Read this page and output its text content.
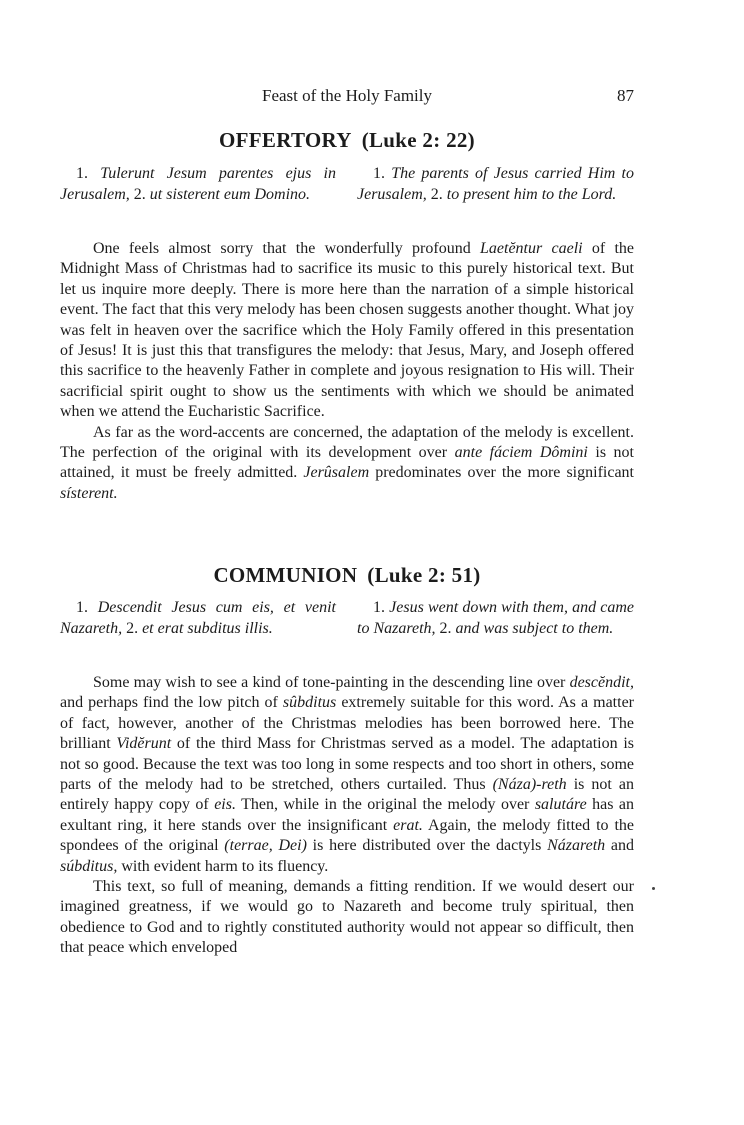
Feast of the Holy Family	87
OFFERTORY (Luke 2: 22)
 1. Tulerunt Jesum parentes ejus in Jerusalem, 2. ut sisterent eum Domino.
 1. The parents of Jesus carried Him to Jerusalem, 2. to present him to the Lord.

One feels almost sorry that the wonderfully profound Laetĕntur caeli of the Midnight Mass of Christmas had to sacrifice its music to this purely historical text. But let us inquire more deeply. There is more here than the narration of a simple historical event. The fact that this very melody has been chosen suggests another thought. What joy was felt in heaven over the sacrifice which the Holy Family offered in this presentation of Jesus! It is just this that transfigures the melody: that Jesus, Mary, and Joseph offered this sacrifice to the heavenly Father in complete and joyous resignation to His will. Their sacrificial spirit ought to show us the sentiments with which we should be animated when we attend the Eucharistic Sacrifice.

As far as the word-accents are concerned, the adaptation of the melody is excellent. The perfection of the original with its development over ante fáciem Dômini is not attained, it must be freely admitted. Jerûsalem predominates over the more significant sísterent.

COMMUNION (Luke 2: 51)
 1. Descendit Jesus cum eis, et venit Nazareth, 2. et erat subditus illis.
 1. Jesus went down with them, and came to Nazareth, 2. and was subject to them.

Some may wish to see a kind of tone-painting in the descending line over descĕndit, and perhaps find the low pitch of sûbditus extremely suitable for this word. As a matter of fact, however, another of the Christmas melodies has been borrowed here. The brilliant Vidĕrunt of the third Mass for Christmas served as a model. The adaptation is not so good. Because the text was too long in some respects and too short in others, some parts of the melody had to be stretched, others curtailed. Thus (Náza)-reth is not an entirely happy copy of eis. Then, while in the original the melody over salutáre has an exultant ring, it here stands over the insignificant erat. Again, the melody fitted to the spondees of the original (terrae, Dei) is here distributed over the dactyls Názareth and súbditus, with evident harm to its fluency.

This text, so full of meaning, demands a fitting rendition. If we would desert our imagined greatness, if we would go to Nazareth and become truly spiritual, then obedience to God and to rightly constituted authority would not appear so difficult, then that peace which enveloped
